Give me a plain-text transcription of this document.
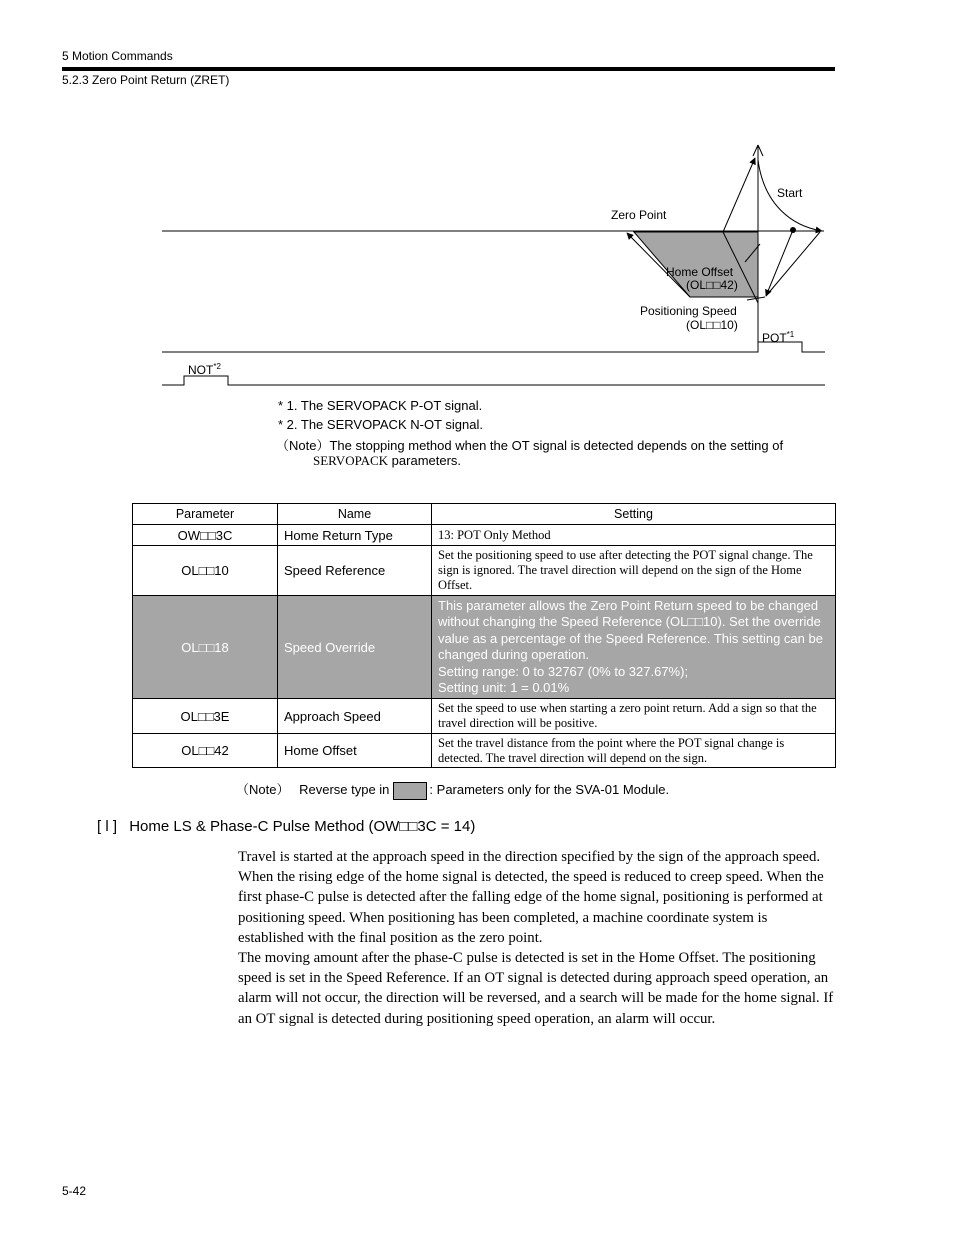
5 Motion Commands
5.2.3 Zero Point Return (ZRET)
Start
Zero Point
Home Offset
(OL□□42)
Positioning Speed
(OL□□10)
POT$^{*1}$
NOT$^{*2}$
* 1. The SERVOPACK P-OT signal.
* 2. The SERVOPACK N-OT signal.
（Note）The stopping method when the OT signal is detected depends on the setting of
SERVOPACK parameters.
Parameter	Name	Setting
OW□□3C	Home Return Type	13: POT Only Method
OL□□10	Speed Reference	Set the positioning speed to use after detecting the POT signal change. The sign is ignored. The travel direction will depend on the sign of the Home Offset.
OL□□18	Speed Override	This parameter allows the Zero Point Return speed to be changed without changing the Speed Reference (OL□□10). Set the override value as a percentage of the Speed Reference. This setting can be changed during operation.
Setting range: 0 to 32767 (0% to 327.67%);
Setting unit: 1 = 0.01%

OL□□3E	Approach Speed	Set the speed to use when starting a zero point return. Add a sign so that the travel direction will be positive.
OL□□42	Home Offset	Set the travel distance from the point where the POT signal change is detected. The travel direction will depend on the sign.
（Note） Reverse type in	: Parameters only for the SVA-01 Module.
[ l ] Home LS & Phase-C Pulse Method (OW□□3C = 14)

Travel is started at the approach speed in the direction specified by the sign of the approach speed. When the rising edge of the home signal is detected, the speed is reduced to creep speed. When the first phase-C pulse is detected after the falling edge of the home signal, positioning is performed at positioning speed. When positioning has been completed, a machine coordinate system is established with the final position as the zero point.

The moving amount after the phase-C pulse is detected is set in the Home Offset. The positioning speed is set in the Speed Reference. If an OT signal is detected during approach speed operation, an alarm will not occur, the direction will be reversed, and a search will be made for the home signal. If an OT signal is detected during positioning speed operation, an alarm will occur.

5-42
